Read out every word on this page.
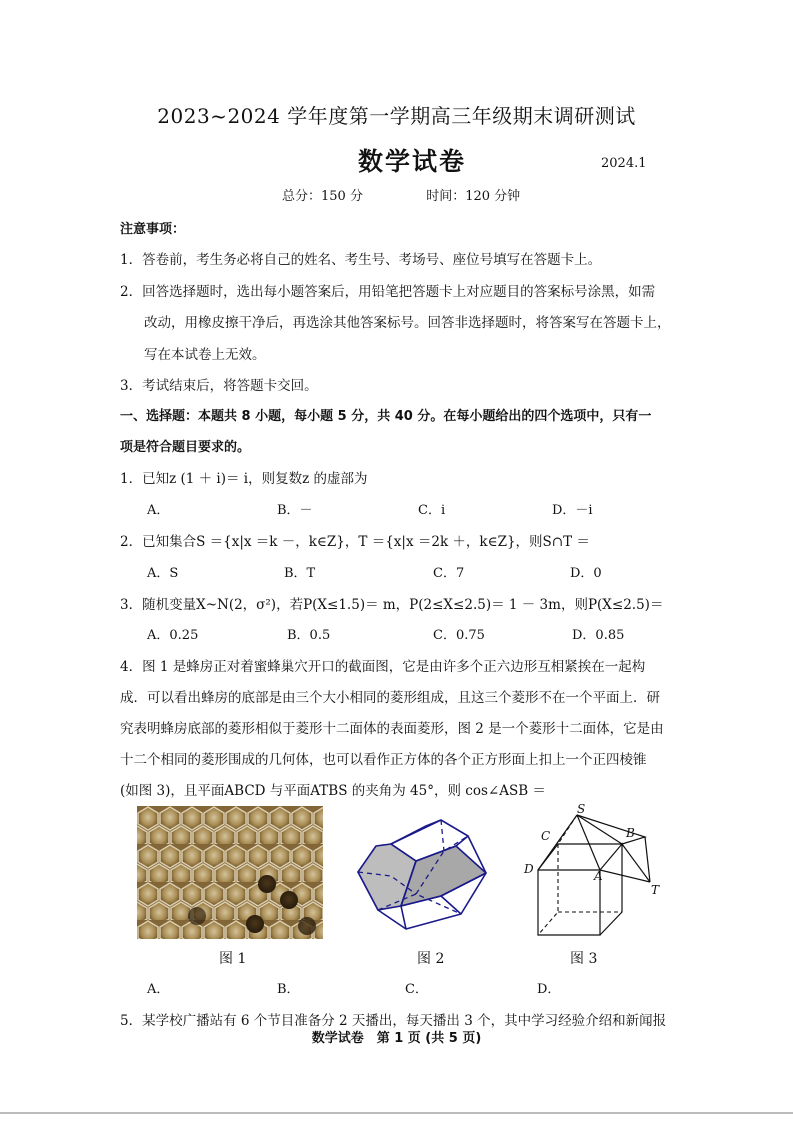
2023~2024 学年度第一学期高三年级期末调研测试
数学试卷	2024.1
总分：150 分	时间：120 分钟
注意事项：
1．答卷前，考生务必将自己的姓名、考生号、考场号、座位号填写在答题卡上。
2．回答选择题时，选出每小题答案后，用铅笔把答题卡上对应题目的答案标号涂黑，如需
改动，用橡皮擦干净后，再选涂其他答案标号。回答非选择题时，将答案写在答题卡上，
写在本试卷上无效。
3．考试结束后，将答题卡交回。
一、选择题：本题共 8 小题，每小题 5 分，共 40 分。在每小题给出的四个选项中，只有一
项是符合题目要求的。
1．已知z (1 ＋ i)＝ i，则复数z 的虚部为
A．	B．－	C．i	D．－i
2．已知集合S ＝{x|x ＝k －，k∈Z}，T ＝{x|x ＝2k ＋，k∈Z}，则S∩T ＝
A．S	B．T	C．7	D．0
3．随机变量X~N(2，σ²)，若P(X≤1.5)＝ m，P(2≤X≤2.5)＝ 1 － 3m，则P(X≤2.5)＝
A．0.25	B．0.5	C．0.75	D．0.85
4．图 1 是蜂房正对着蜜蜂巢穴开口的截面图，它是由许多个正六边形互相紧挨在一起构
成．可以看出蜂房的底部是由三个大小相同的菱形组成，且这三个菱形不在一个平面上．研
究表明蜂房底部的菱形相似于菱形十二面体的表面菱形，图 2 是一个菱形十二面体，它是由
十二个相同的菱形围成的几何体，也可以看作正方体的各个正方形面上扣上一个正四棱锥
(如图 3)，且平面ABCD 与平面ATBS 的夹角为 45°，则 cos∠ASB ＝
S
C	B
D	A
T
图 1	图 2	图 3
A．	B．	C．	D．
5．某学校广播站有 6 个节目准备分 2 天播出，每天播出 3 个，其中学习经验介绍和新闻报
数学试卷　第 1 页 (共 5 页)
